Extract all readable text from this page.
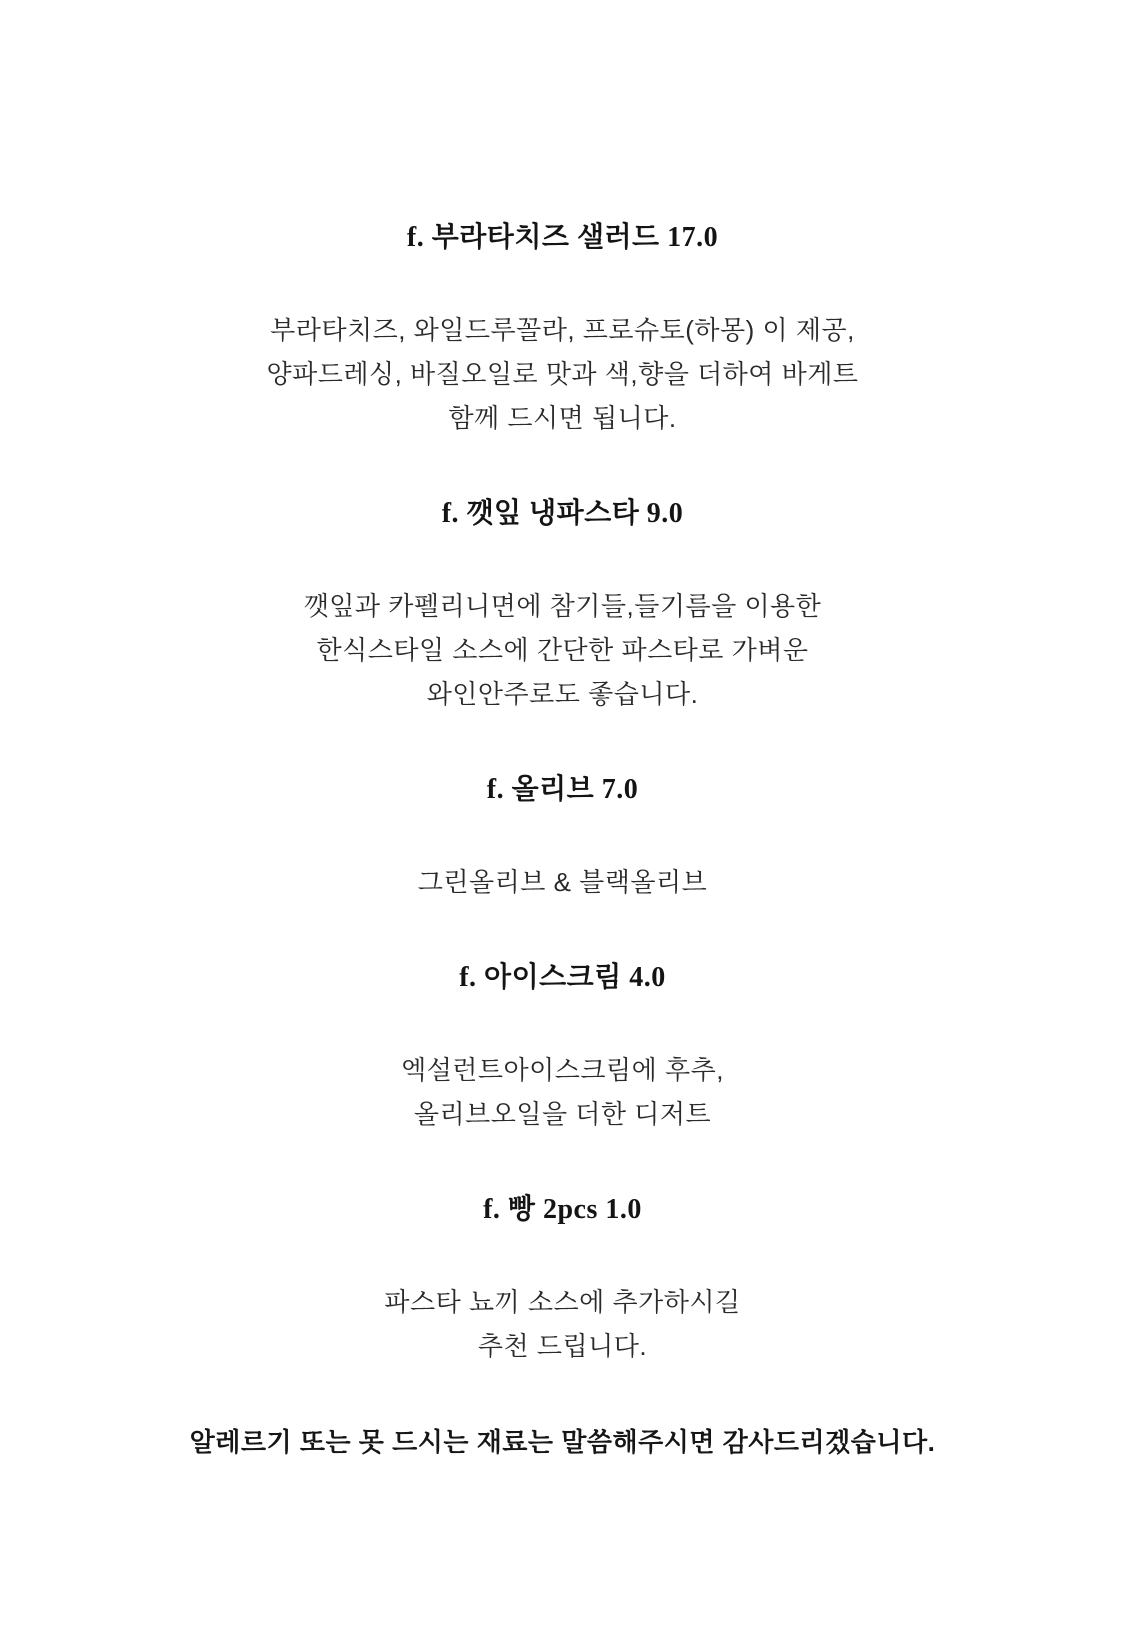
f. 부라타치즈 샐러드 17.0

부라타치즈, 와일드루꼴라, 프로슈토(하몽) 이 제공,
양파드레싱, 바질오일로 맛과 색,향을 더하여 바게트
함께 드시면 됩니다.

f. 깻잎 냉파스타 9.0

깻잎과 카펠리니면에 참기들,들기름을 이용한
한식스타일 소스에 간단한 파스타로 가벼운
와인안주로도 좋습니다.

f. 올리브 7.0

그린올리브 & 블랙올리브

f. 아이스크림 4.0

엑설런트아이스크림에 후추,
올리브오일을 더한 디저트

f. 빵 2pcs 1.0

파스타 뇨끼 소스에 추가하시길
추천 드립니다.

알레르기 또는 못 드시는 재료는 말씀해주시면 감사드리겠습니다.
